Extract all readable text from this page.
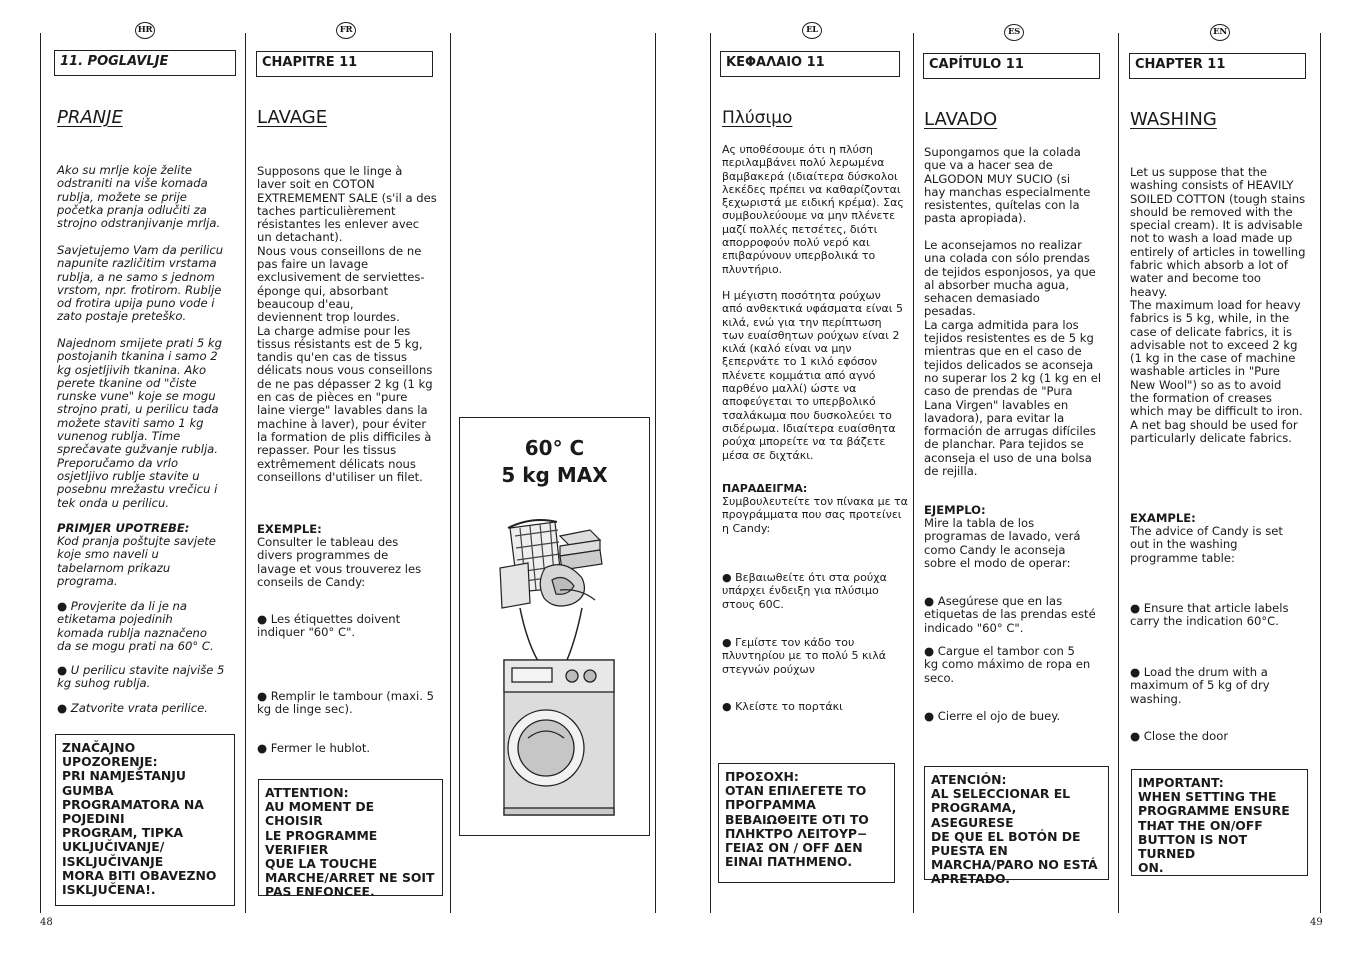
HR	FR	EL	ES	EN
11. POGLAVLJE
PRANJE

Ako su mrlje koje želite
odstraniti na više komada
rublja, možete se prije
početka pranja odlučiti za
strojno odstranjivanje mrlja.

Savjetujemo Vam da perilicu
napunite različitim vrstama
rublja, a ne samo s jednom
vrstom, npr. frotirom. Rublje
od frotira upija puno vode i
zato postaje preteško.

Najednom smijete prati 5 kg
postojanih tkanina i samo 2
kg osjetljivih tkanina. Ako
perete tkanine od "čiste
runske vune" koje se mogu
strojno prati, u perilicu tada
možete staviti samo 1 kg
vunenog rublja. Time
sprečavate gužvanje rublja.
Preporučamo da vrlo
osjetljivo rublje stavite u
posebnu mrežastu vrečicu i
tek onda u perilicu.

PRIMJER UPOTREBE:

Kod pranja poštujte savjete
koje smo naveli u
tabelarnom prikazu
programa.

● Provjerite da li je na
etiketama pojedinih
komada rublja naznačeno
da se mogu prati na 60° C.

● U perilicu stavite najviše 5
kg suhog rublja.

● Zatvorite vrata perilice.

ZNAČAJNO
UPOZORENJE:
PRI NAMJEŠTANJU
GUMBA
PROGRAMATORA NA
POJEDINI
PROGRAM, TIPKA
UKLJUČIVANJE/
ISKLJUČIVANJE
MORA BITI OBAVEZNO
ISKLJUČENA!.
CHAPITRE 11
LAVAGE

Supposons que le linge à
laver soit en COTON
EXTREMEMENT SALE (s'il a des
taches particulièrement
résistantes les enlever avec
un detachant).
Nous vous conseillons de ne
pas faire un lavage
exclusivement de serviettes-
éponge qui, absorbant
beaucoup d'eau,
deviennent trop lourdes.
La charge admise pour les
tissus résistants est de 5 kg,
tandis qu'en cas de tissus
délicats nous vous conseillons
de ne pas dépasser 2 kg (1 kg
en cas de pièces en "pure
laine vierge" lavables dans la
machine à laver), pour éviter
la formation de plis difficiles à
repasser. Pour les tissus
extrêmement délicats nous
conseillons d'utiliser un filet.

EXEMPLE:

Consulter le tableau des
divers programmes de
lavage et vous trouverez les
conseils de Candy:

● Les étiquettes doivent
indiquer "60° C".

● Remplir le tambour (maxi. 5
kg de linge sec).

● Fermer le hublot.

ATTENTION:
AU MOMENT DE CHOISIR
LE PROGRAMME VERIFIER
QUE LA TOUCHE
MARCHE/ARRET NE SOIT
PAS ENFONCEE.
60° C
5 kg MAX
ΚΕΦΑΛΑΙΟ 11
Πλύσιμο

Ας υποθέσουμε ότι η πλύση
περιλαμβάνει πολύ λερωμένα
βαμβακερά (ιδιαίτερα δύσκολοι
λεκέδες πρέπει να καθαρίζονται
ξεχωριστά με ειδική κρέμα). Σας
συμβουλεύουμε να μην πλένετε
μαζί πολλές πετσέτες, διότι
απορροφούν πολύ νερό και
επιβαρύνουν υπερβολικά το
πλυντήριο.

Η μέγιστη ποσότητα ρούχων
από ανθεκτικά υφάσματα είναι 5
κιλά, ενώ για την περίπτωση
των ευαίσθητων ρούχων είναι 2
κιλά (καλό είναι να μην
ξεπερνάτε το 1 κιλό εφόσον
πλένετε κομμάτια από αγνό
παρθένο μαλλί) ώστε να
αποφεύγεται το υπερβολικό
τσαλάκωμα που δυσκολεύει το
σιδέρωμα. Ιδιαίτερα ευαίσθητα
ρούχα μπορείτε να τα βάζετε
μέσα σε διχτάκι.

ΠΑΡΑΔΕΙΓΜΑ:

Συμβουλευτείτε τον πίνακα με τα
προγράμματα που σας προτείνει
η Candy:

● Βεβαιωθείτε ότι στα ρούχα
υπάρχει ένδειξη για πλύσιμο
στους 60C.

● Γεμίστε τον κάδο του
πλυντηρίου με το πολύ 5 κιλά
στεγνών ρούχων

● Κλείστε το πορτάκι

ΠΡΟΣΟΧΗ:
ΟΤΑΝ ΕΠΙΛΕΓΕΤΕ ΤΟ
ΠΡΟΓΡΑΜΜΑ
ΒΕΒΑΙΩΘΕΙΤΕ ΟΤΙ ΤΟ
ΠΛΗΚΤΡΟ ΛΕΙΤΟΥΡ−
ΓΕΙΑΣ ON / OFF ΔΕΝ
ΕΙΝΑΙ ΠΑΤΗΜΕΝΟ.
CAPÍTULO 11
LAVADO

Supongamos que la colada
que va a hacer sea de
ALGODON MUY SUCIO (si
hay manchas especialmente
resistentes, quítelas con la
pasta apropiada).

Le aconsejamos no realizar
una colada con sólo prendas
de tejidos esponjosos, ya que
al absorber mucha agua,
sehacen demasiado
pesadas.
La carga admitida para los
tejidos resistentes es de 5 kg
mientras que en el caso de
tejidos delicados se aconseja
no superar los 2 kg (1 kg en el
caso de prendas de "Pura
Lana Virgen" lavables en
lavadora), para evitar la
formación de arrugas difíciles
de planchar. Para tejidos se
aconseja el uso de una bolsa
de rejilla.

EJEMPLO:

Mire la tabla de los
programas de lavado, verá
como Candy le aconseja
sobre el modo de operar:

● Asegúrese que en las
etiquetas de las prendas esté
indicado "60° C".

● Cargue el tambor con 5
kg como máximo de ropa en
seco.

● Cierre el ojo de buey.

ATENCIÓN:
AL SELECCIONAR EL
PROGRAMA, ASEGURESE
DE QUE EL BOTÓN DE
PUESTA EN
MARCHA/PARO NO ESTÁ
APRETADO.
CHAPTER 11
WASHING

Let us suppose that the
washing consists of HEAVILY
SOILED COTTON (tough stains
should be removed with the
special cream). It is advisable
not to wash a load made up
entirely of articles in towelling
fabric which absorb a lot of
water and become too
heavy.
The maximum load for heavy
fabrics is 5 kg, while, in the
case of delicate fabrics, it is
advisable not to exceed 2 kg
(1 kg in the case of machine
washable articles in "Pure
New Wool") so as to avoid
the formation of creases
which may be difficult to iron.
A net bag should be used for
particularly delicate fabrics.

EXAMPLE:

The advice of Candy is set
out in the washing
programme table:

● Ensure that article labels
carry the indication 60°C.

● Load the drum with a
maximum of 5 kg of dry
washing.

● Close the door

IMPORTANT:
WHEN SETTING THE
PROGRAMME ENSURE
THAT THE ON/OFF
BUTTON IS NOT TURNED
ON.
48	49
